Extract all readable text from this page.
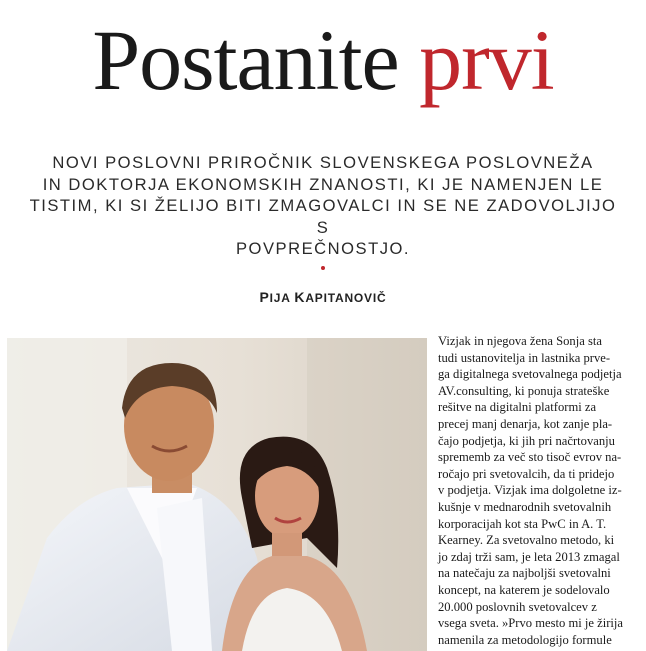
Postanite prvi
NOVI POSLOVNI PRIROČNIK SLOVENSKEGA POSLOVNEŽA
IN DOKTORJA EKONOMSKIH ZNANOSTI, KI JE NAMENJEN LE
TISTIM, KI SI ŽELIJO BITI ZMAGOVALCI IN SE NE ZADOVOLJIJO S
POVPREČNOSTJO.
PIJA KAPITANOVIČ
Vizjak in njegova žena Sonja sta
tudi ustanovitelja in lastnika prve-
ga digitalnega svetovalnega podjetja
AV.consulting, ki ponuja strateške
rešitve na digitalni platformi za
precej manj denarja, kot zanje pla-
čajo podjetja, ki jih pri načrtovanju
sprememb za več sto tisoč evrov na-
ročajo pri svetovalcih, da ti pridejo
v podjetja. Vizjak ima dolgoletne iz-
kušnje v mednarodnih svetovalnih
korporacijah kot sta PwC in A. T.
Kearney. Za svetovalno metodo, ki
jo zdaj trži sam, je leta 2013 zmagal
na natečaju za najboljši svetovalni
koncept, na katerem je sodelovalo
20.000 poslovnih svetovalcev z
vsega sveta. »Prvo mesto mi je žirija
namenila za metodologijo formule
